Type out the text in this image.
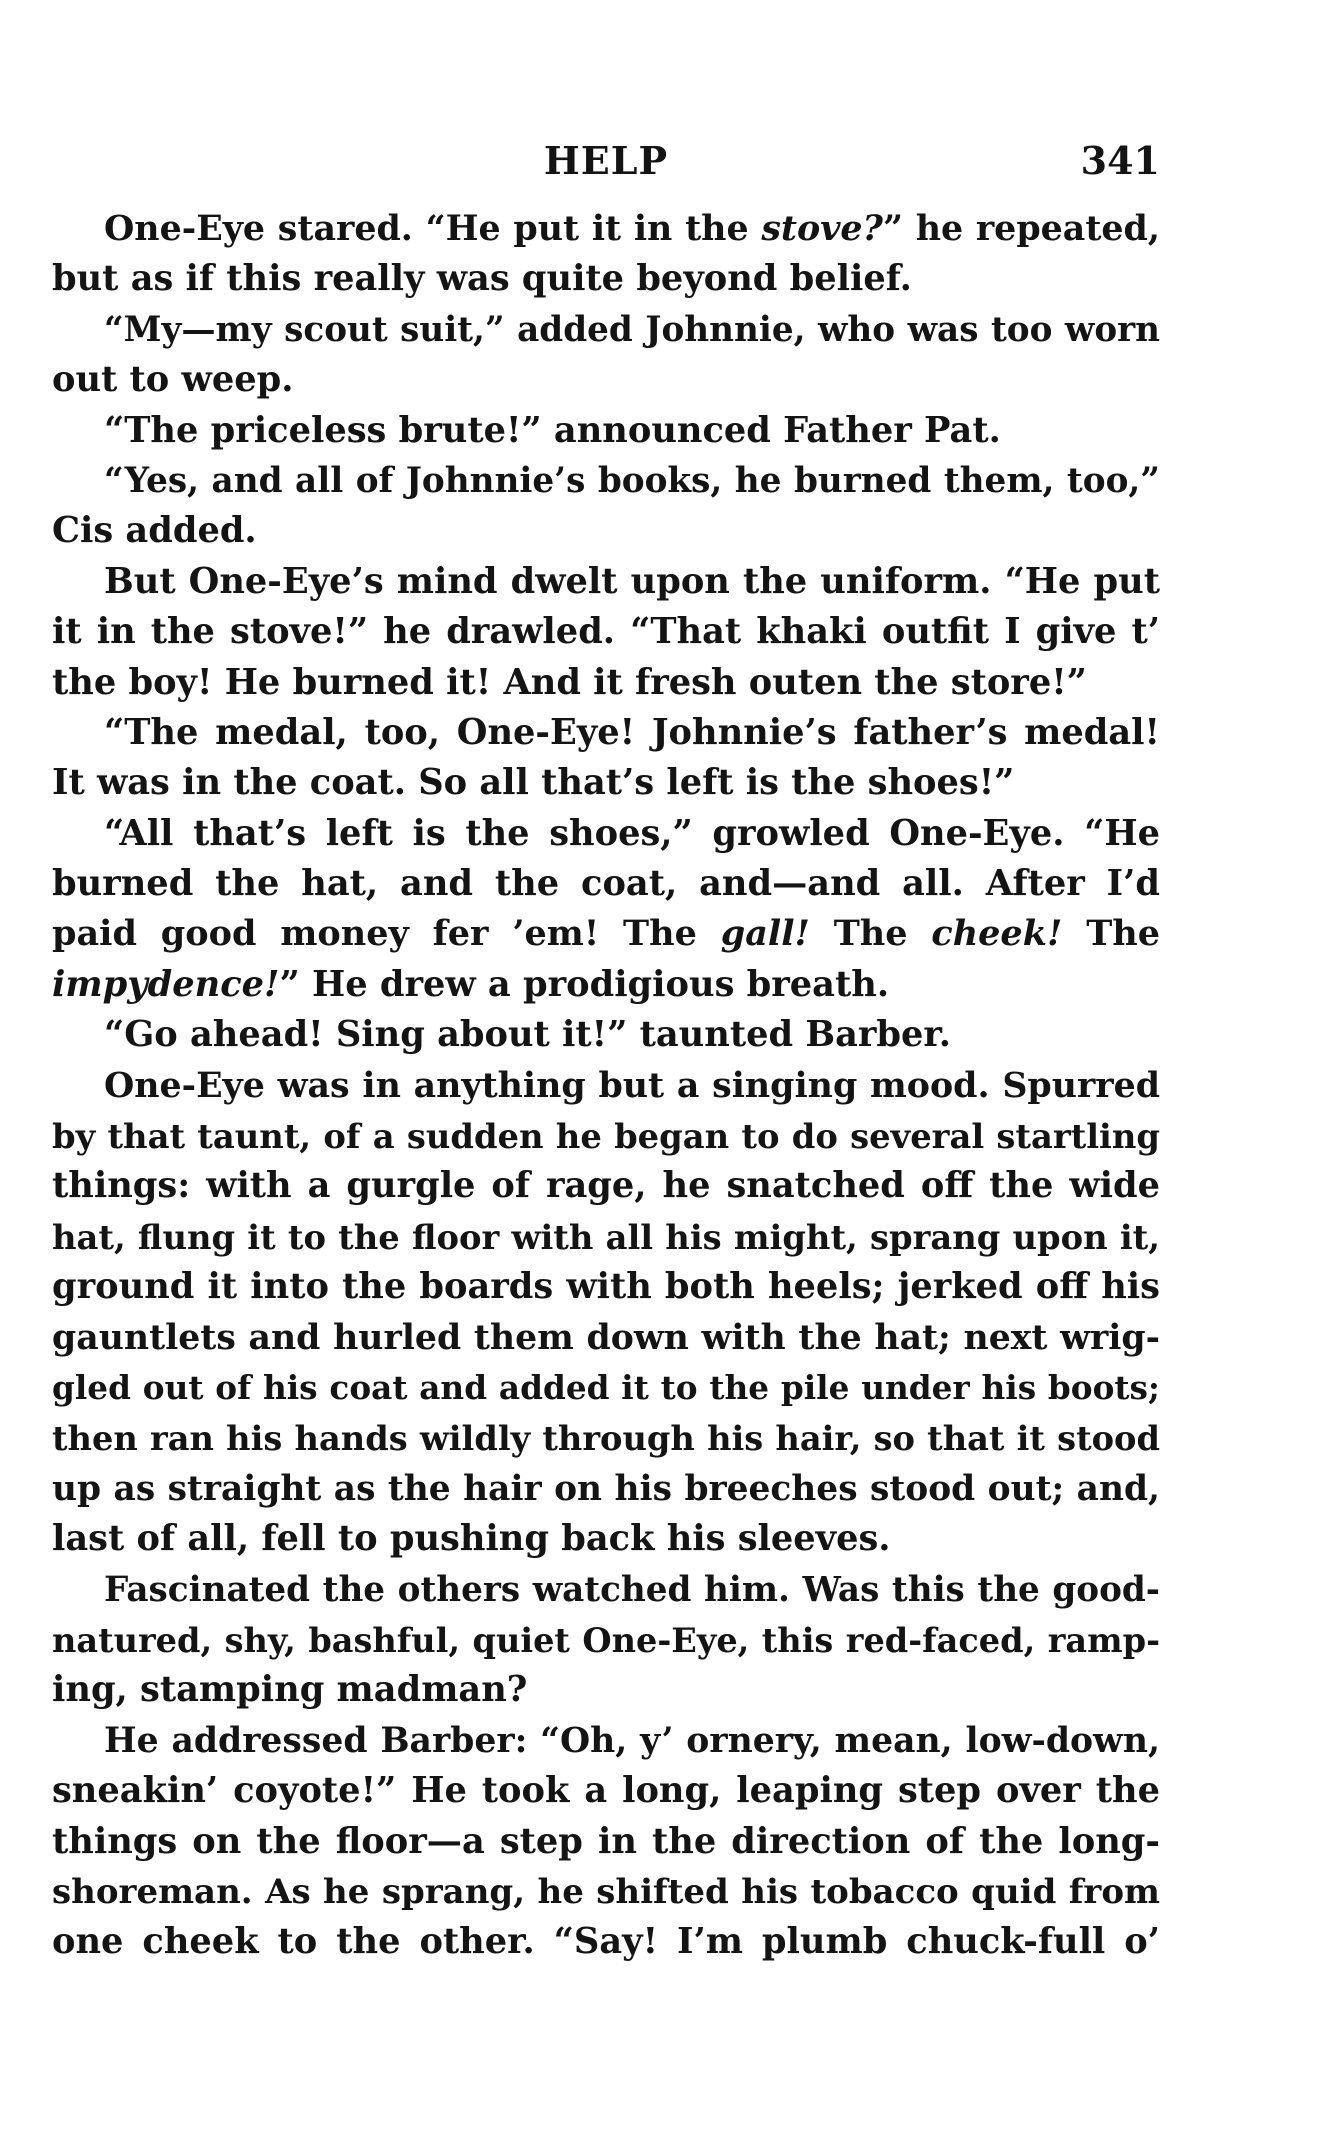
HELP	341
One-Eye stared. “He put it in the stove?” he repeated,
but as if this really was quite beyond belief.
“My—my scout suit,” added Johnnie, who was too worn
out to weep.
“The priceless brute!” announced Father Pat.
“Yes, and all of Johnnie’s books, he burned them, too,”
Cis added.
But One-Eye’s mind dwelt upon the uniform. “He put
it in the stove!” he drawled. “That khaki outfit I give t’
the boy! He burned it! And it fresh outen the store!”
“The medal, too, One-Eye! Johnnie’s father’s medal!
It was in the coat. So all that’s left is the shoes!”
“All that’s left is the shoes,” growled One-Eye. “He
burned the hat, and the coat, and—and all. After I’d
paid good money fer ’em! The gall! The cheek! The
impydence!” He drew a prodigious breath.
“Go ahead! Sing about it!” taunted Barber.
One-Eye was in anything but a singing mood. Spurred
by that taunt, of a sudden he began to do several startling
things: with a gurgle of rage, he snatched off the wide
hat, flung it to the floor with all his might, sprang upon it,
ground it into the boards with both heels; jerked off his
gauntlets and hurled them down with the hat; next wrig-
gled out of his coat and added it to the pile under his boots;
then ran his hands wildly through his hair, so that it stood
up as straight as the hair on his breeches stood out; and,
last of all, fell to pushing back his sleeves.
Fascinated the others watched him. Was this the good-
natured, shy, bashful, quiet One-Eye, this red-faced, ramp-
ing, stamping madman?
He addressed Barber: “Oh, y’ ornery, mean, low-down,
sneakin’ coyote!” He took a long, leaping step over the
things on the floor—a step in the direction of the long-
shoreman. As he sprang, he shifted his tobacco quid from
one cheek to the other. “Say! I’m plumb chuck-full o’
